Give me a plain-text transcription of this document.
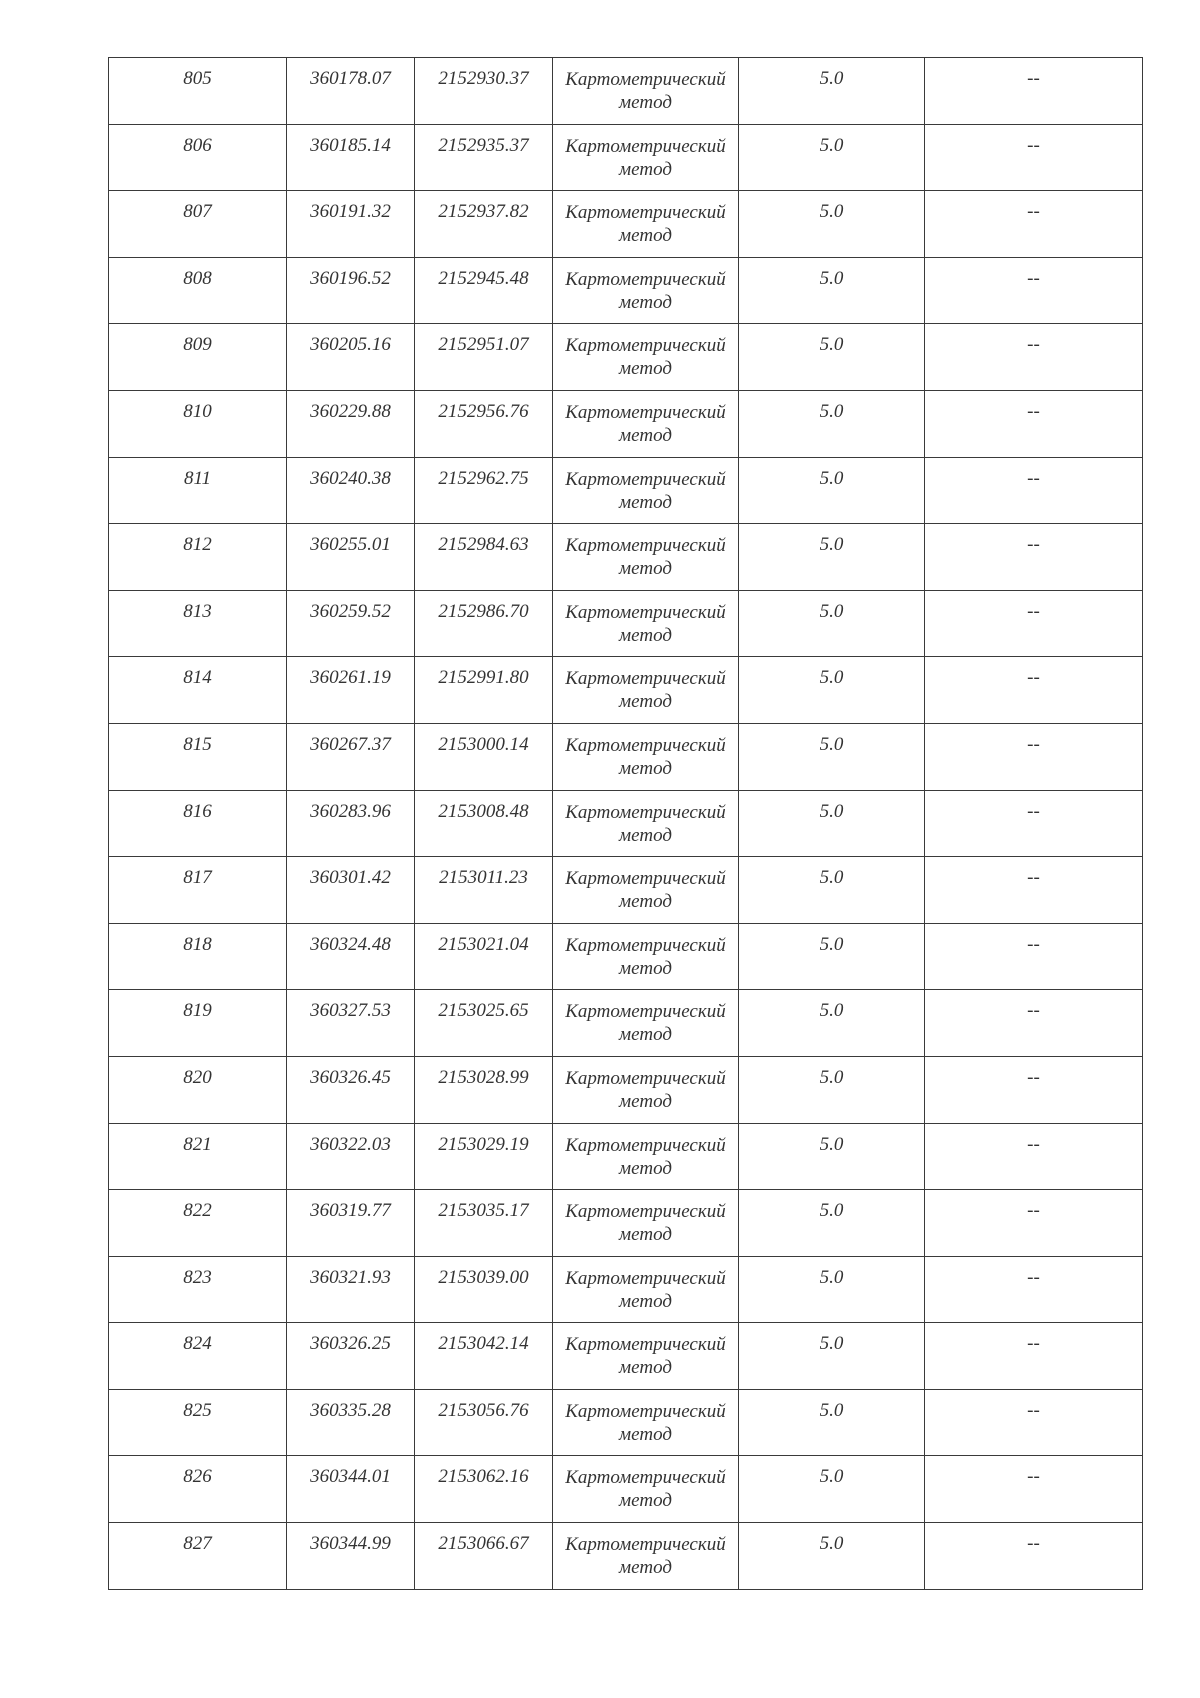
805	360178.07	2152930.37	Картометрический метод	5.0	--

806	360185.14	2152935.37	Картометрический метод	5.0	--

807	360191.32	2152937.82	Картометрический метод	5.0	--

808	360196.52	2152945.48	Картометрический метод	5.0	--

809	360205.16	2152951.07	Картометрический метод	5.0	--

810	360229.88	2152956.76	Картометрический метод	5.0	--

811	360240.38	2152962.75	Картометрический метод	5.0	--

812	360255.01	2152984.63	Картометрический метод	5.0	--

813	360259.52	2152986.70	Картометрический метод	5.0	--

814	360261.19	2152991.80	Картометрический метод	5.0	--

815	360267.37	2153000.14	Картометрический метод	5.0	--

816	360283.96	2153008.48	Картометрический метод	5.0	--

817	360301.42	2153011.23	Картометрический метод	5.0	--

818	360324.48	2153021.04	Картометрический метод	5.0	--

819	360327.53	2153025.65	Картометрический метод	5.0	--

820	360326.45	2153028.99	Картометрический метод	5.0	--

821	360322.03	2153029.19	Картометрический метод	5.0	--

822	360319.77	2153035.17	Картометрический метод	5.0	--

823	360321.93	2153039.00	Картометрический метод	5.0	--

824	360326.25	2153042.14	Картометрический метод	5.0	--

825	360335.28	2153056.76	Картометрический метод	5.0	--

826	360344.01	2153062.16	Картометрический метод	5.0	--

827	360344.99	2153066.67	Картометрический метод	5.0	--
